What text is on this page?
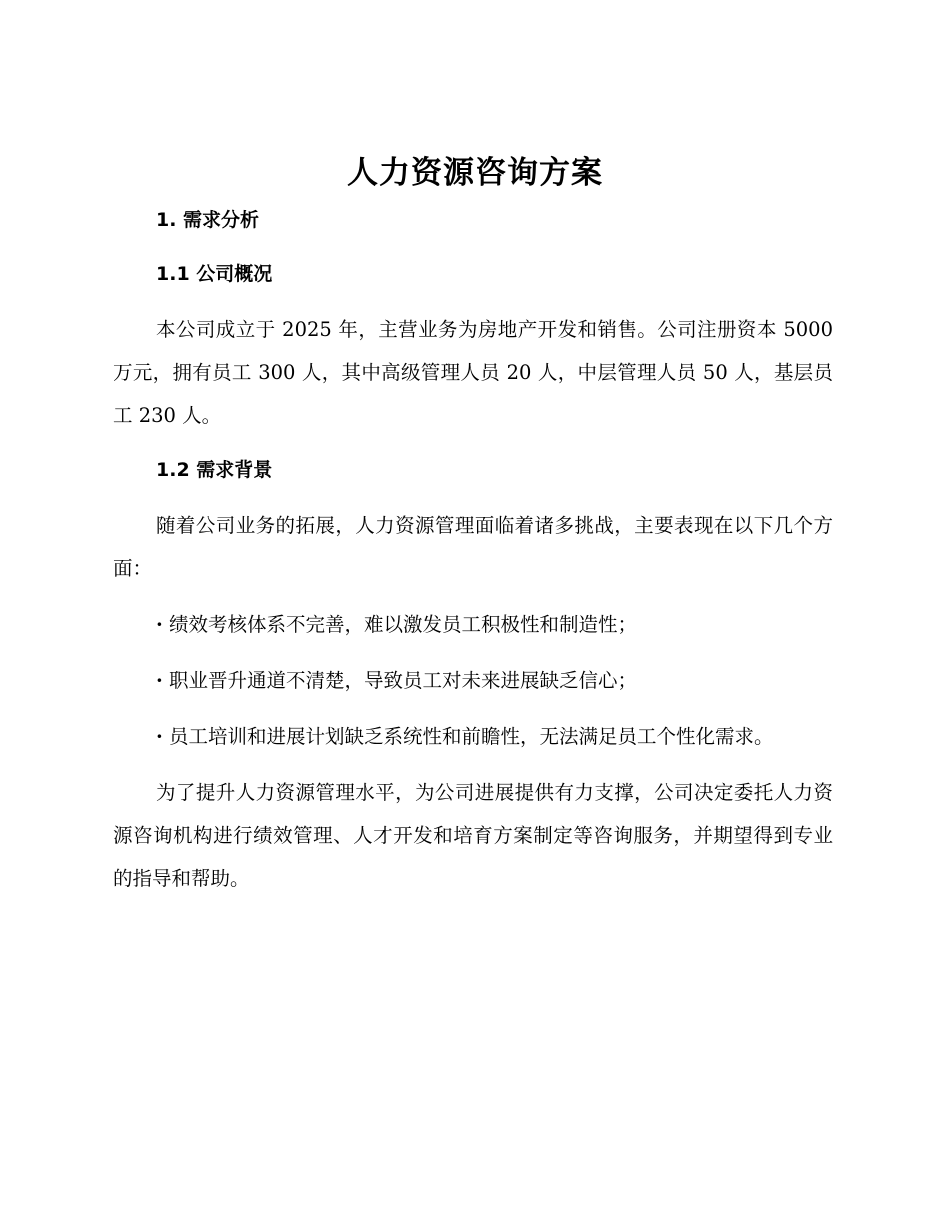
人力资源咨询方案
1. 需求分析
1.1 公司概况

本公司成立于 2025 年，主营业务为房地产开发和销售。公司注册资本 5000 万元，拥有员工 300 人，其中高级管理人员 20 人，中层管理人员 50 人，基层员工 230 人。

1.2 需求背景

随着公司业务的拓展，人力资源管理面临着诸多挑战，主要表现在以下几个方面：

· 绩效考核体系不完善，难以激发员工积极性和制造性；

· 职业晋升通道不清楚，导致员工对未来进展缺乏信心；

· 员工培训和进展计划缺乏系统性和前瞻性，无法满足员工个性化需求。

为了提升人力资源管理水平，为公司进展提供有力支撑，公司决定委托人力资源咨询机构进行绩效管理、人才开发和培育方案制定等咨询服务，并期望得到专业的指导和帮助。
